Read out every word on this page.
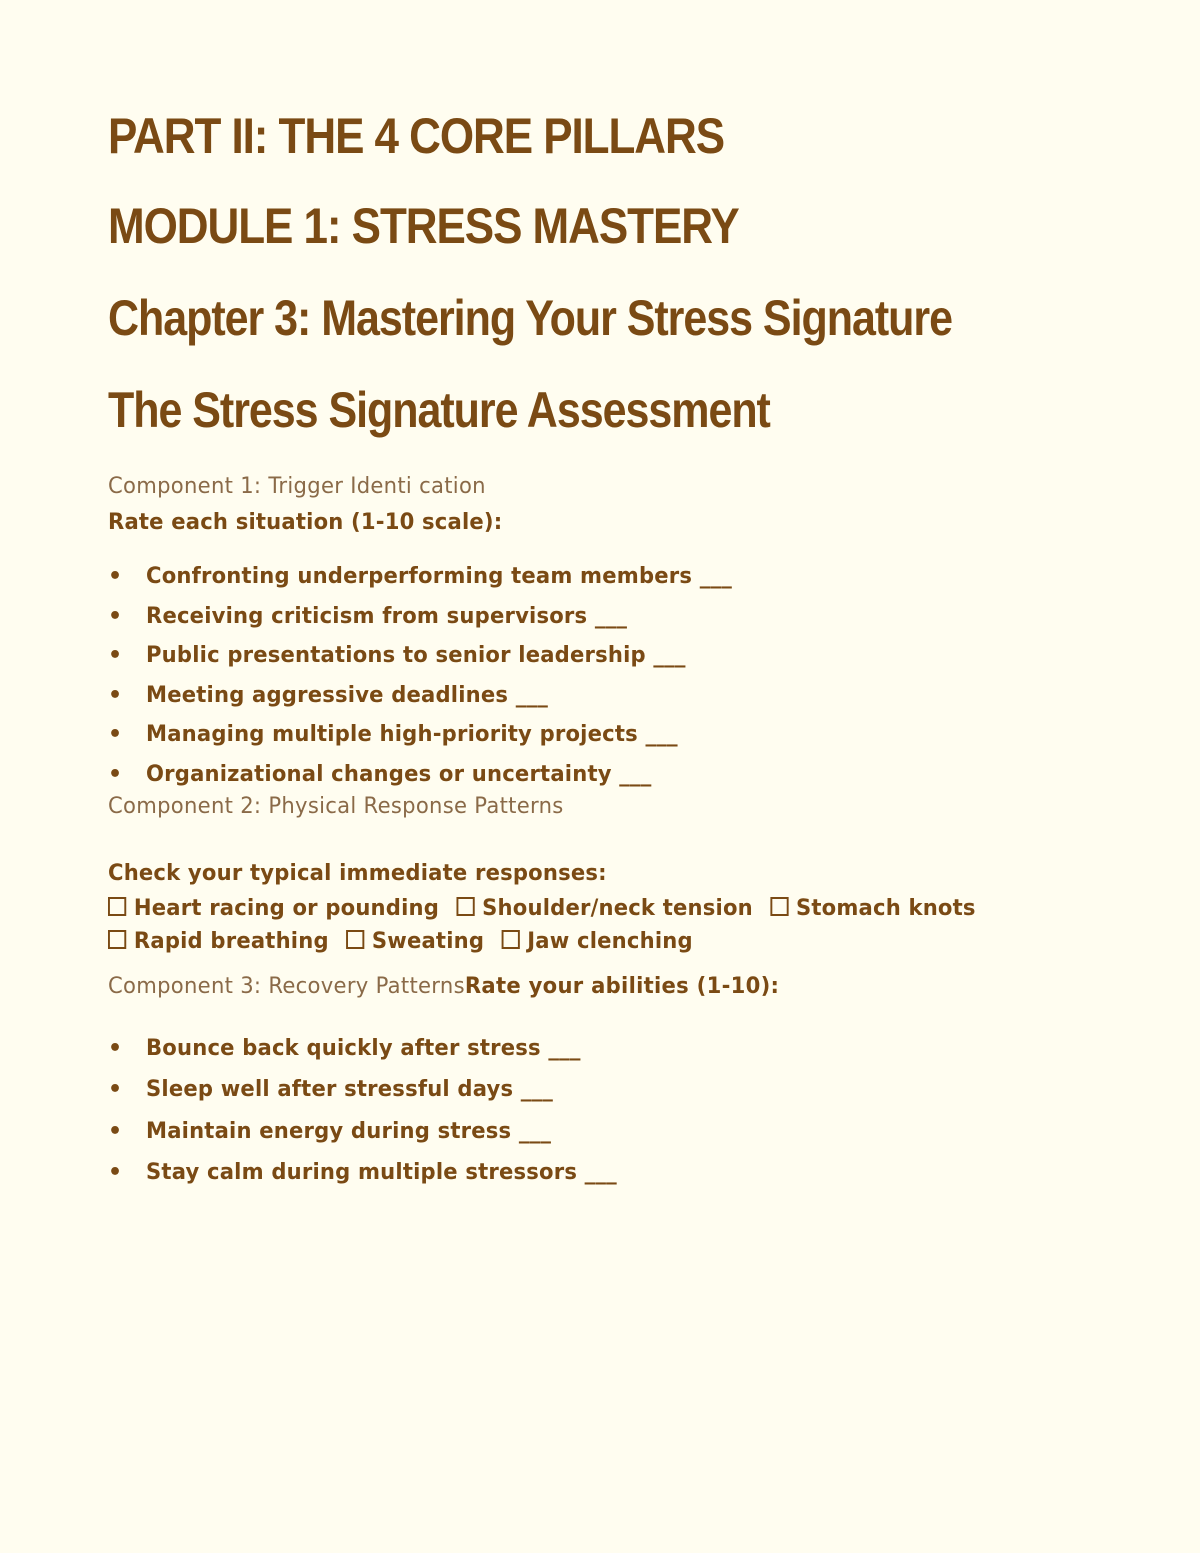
PART II: THE 4 CORE PILLARS
MODULE 1: STRESS MASTERY
Chapter 3: Mastering Your Stress Signature
The Stress Signature Assessment
Component 1: Trigger Identi cation
Rate each situation (1-10 scale):
• Confronting underperforming team members ___
• Receiving criticism from supervisors ___
• Public presentations to senior leadership ___
• Meeting aggressive deadlines ___
• Managing multiple high-priority projects ___
• Organizational changes or uncertainty ___
Component 2: Physical Response Patterns
Check your typical immediate responses:
Heart racing or pounding Shoulder/neck tension Stomach knots
Rapid breathing Sweating Jaw clenching
Component 3: Recovery PatternsRate your abilities (1-10):
• Bounce back quickly after stress ___
• Sleep well after stressful days ___
• Maintain energy during stress ___
• Stay calm during multiple stressors ___
